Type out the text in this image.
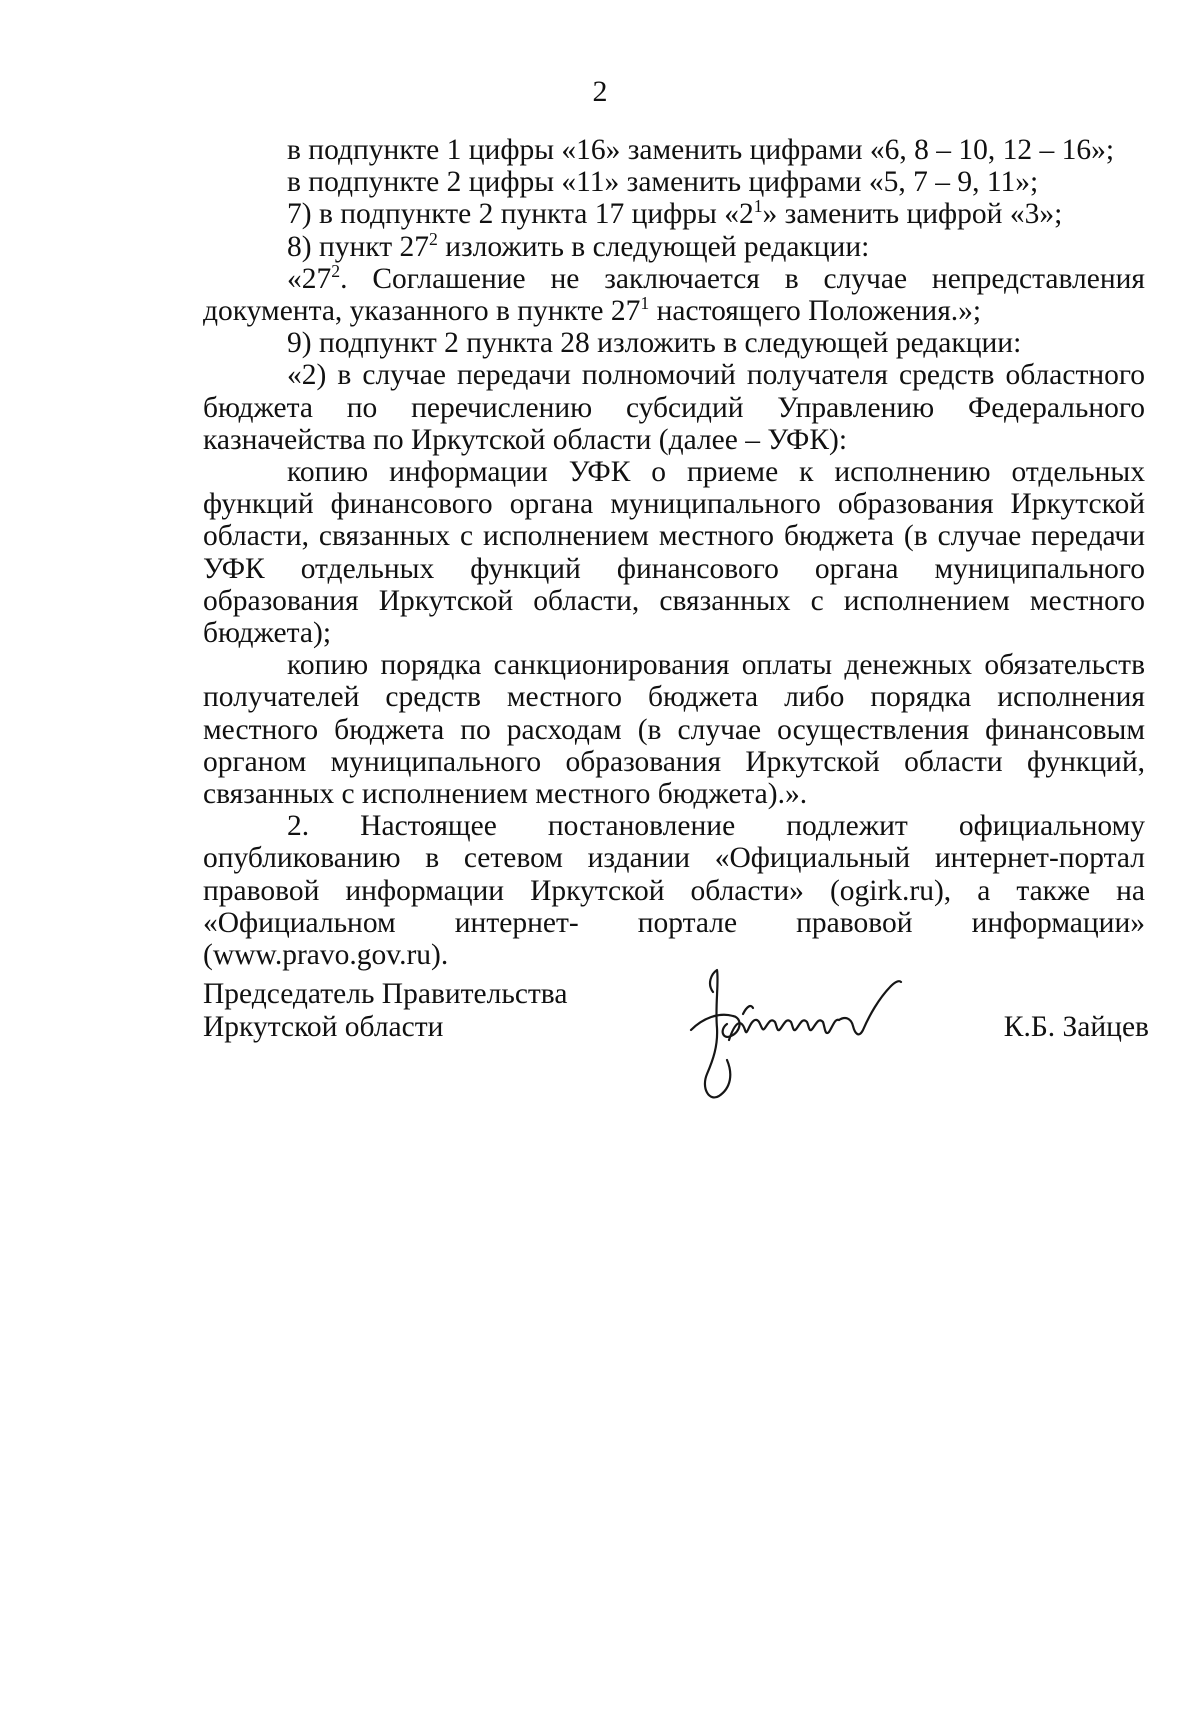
2

в подпункте 1 цифры «16» заменить цифрами «6, 8 – 10, 12 – 16»;

в подпункте 2 цифры «11» заменить цифрами «5, 7 – 9, 11»;

7) в подпункте 2 пункта 17 цифры «$2^1$» заменить цифрой «3»;

8) пункт $27^2$ изложить в следующей редакции:

«$27^2$. Соглашение не заключается в случае непредставления документа, указанного в пункте $27^1$ настоящего Положения.»;

9) подпункт 2 пункта 28 изложить в следующей редакции:

«2) в случае передачи полномочий получателя средств областного бюджета по перечислению субсидий Управлению Федерального казначейства по Иркутской области (далее – УФК):

копию информации УФК о приеме к исполнению отдельных функций финансового органа муниципального образования Иркутской области, связанных с исполнением местного бюджета (в случае передачи УФК отдельных функций финансового органа муниципального образования Иркутской области, связанных с исполнением местного бюджета);

копию порядка санкционирования оплаты денежных обязательств получателей средств местного бюджета либо порядка исполнения местного бюджета по расходам (в случае осуществления финансовым органом муниципального образования Иркутской области функций, связанных с исполнением местного бюджета).».

2. Настоящее постановление подлежит официальному опубликованию в сетевом издании «Официальный интернет-портал правовой информации Иркутской области» (ogirk.ru), а также на «Официальном интернет- портале правовой информации» (www.pravo.gov.ru).

Председатель Правительства
Иркутской области	К.Б. Зайцев
